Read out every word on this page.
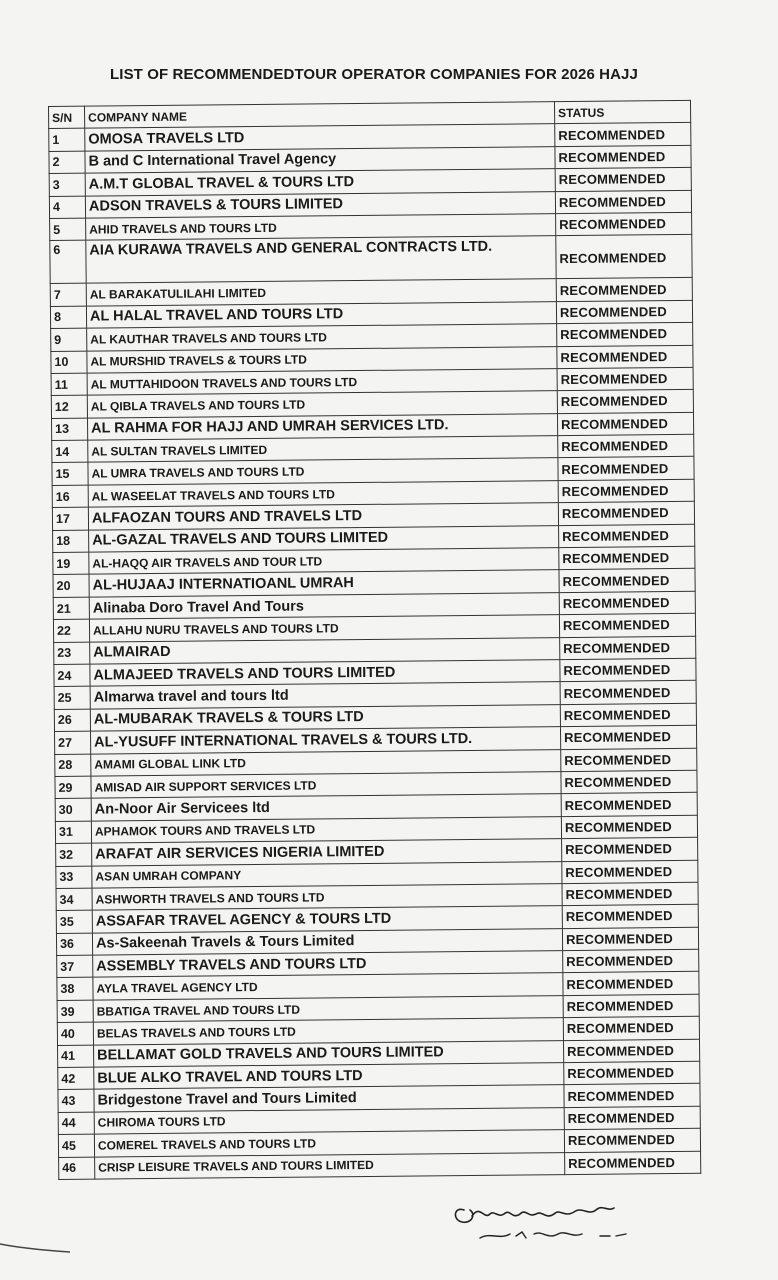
LIST OF RECOMMENDEDTOUR OPERATOR COMPANIES FOR 2026 HAJJ
S/N	COMPANY NAME	STATUS
1	OMOSA TRAVELS LTD	RECOMMENDED
2	B and C International Travel Agency	RECOMMENDED
3	A.M.T GLOBAL TRAVEL & TOURS LTD	RECOMMENDED
4	ADSON TRAVELS & TOURS LIMITED	RECOMMENDED
5	AHID TRAVELS AND TOURS LTD	RECOMMENDED
6	AIA KURAWA TRAVELS AND GENERAL CONTRACTS LTD.	RECOMMENDED
7	AL BARAKATULILAHI LIMITED	RECOMMENDED
8	AL HALAL TRAVEL AND TOURS LTD	RECOMMENDED
9	AL KAUTHAR TRAVELS AND TOURS LTD	RECOMMENDED
10	AL MURSHID TRAVELS & TOURS LTD	RECOMMENDED
11	AL MUTTAHIDOON TRAVELS AND TOURS LTD	RECOMMENDED
12	AL QIBLA TRAVELS AND TOURS LTD	RECOMMENDED
13	AL RAHMA FOR HAJJ AND UMRAH SERVICES LTD.	RECOMMENDED
14	AL SULTAN TRAVELS LIMITED	RECOMMENDED
15	AL UMRA TRAVELS AND TOURS LTD	RECOMMENDED
16	AL WASEELAT TRAVELS AND TOURS LTD	RECOMMENDED
17	ALFAOZAN TOURS AND TRAVELS LTD	RECOMMENDED
18	AL-GAZAL TRAVELS AND TOURS LIMITED	RECOMMENDED
19	AL-HAQQ AIR TRAVELS AND TOUR LTD	RECOMMENDED
20	AL-HUJAAJ INTERNATIOANL UMRAH	RECOMMENDED
21	Alinaba Doro Travel And Tours	RECOMMENDED
22	ALLAHU NURU TRAVELS AND TOURS LTD	RECOMMENDED
23	ALMAIRAD	RECOMMENDED
24	ALMAJEED TRAVELS AND TOURS LIMITED	RECOMMENDED
25	Almarwa travel and tours ltd	RECOMMENDED
26	AL-MUBARAK TRAVELS & TOURS LTD	RECOMMENDED
27	AL-YUSUFF INTERNATIONAL TRAVELS & TOURS LTD.	RECOMMENDED
28	AMAMI GLOBAL LINK LTD	RECOMMENDED
29	AMISAD AIR SUPPORT SERVICES LTD	RECOMMENDED
30	An-Noor Air Servicees ltd	RECOMMENDED
31	APHAMOK TOURS AND TRAVELS LTD	RECOMMENDED
32	ARAFAT AIR SERVICES NIGERIA LIMITED	RECOMMENDED
33	ASAN UMRAH COMPANY	RECOMMENDED
34	ASHWORTH TRAVELS AND TOURS LTD	RECOMMENDED
35	ASSAFAR TRAVEL AGENCY & TOURS LTD	RECOMMENDED
36	As-Sakeenah Travels & Tours Limited	RECOMMENDED
37	ASSEMBLY TRAVELS AND TOURS LTD	RECOMMENDED
38	AYLA TRAVEL AGENCY LTD	RECOMMENDED
39	BBATIGA TRAVEL AND TOURS LTD	RECOMMENDED
40	BELAS TRAVELS AND TOURS LTD	RECOMMENDED
41	BELLAMAT GOLD TRAVELS AND TOURS LIMITED	RECOMMENDED
42	BLUE ALKO TRAVEL AND TOURS LTD	RECOMMENDED
43	Bridgestone Travel and Tours Limited	RECOMMENDED
44	CHIROMA TOURS LTD	RECOMMENDED
45	COMEREL TRAVELS AND TOURS LTD	RECOMMENDED
46	CRISP LEISURE TRAVELS AND TOURS LIMITED	RECOMMENDED
